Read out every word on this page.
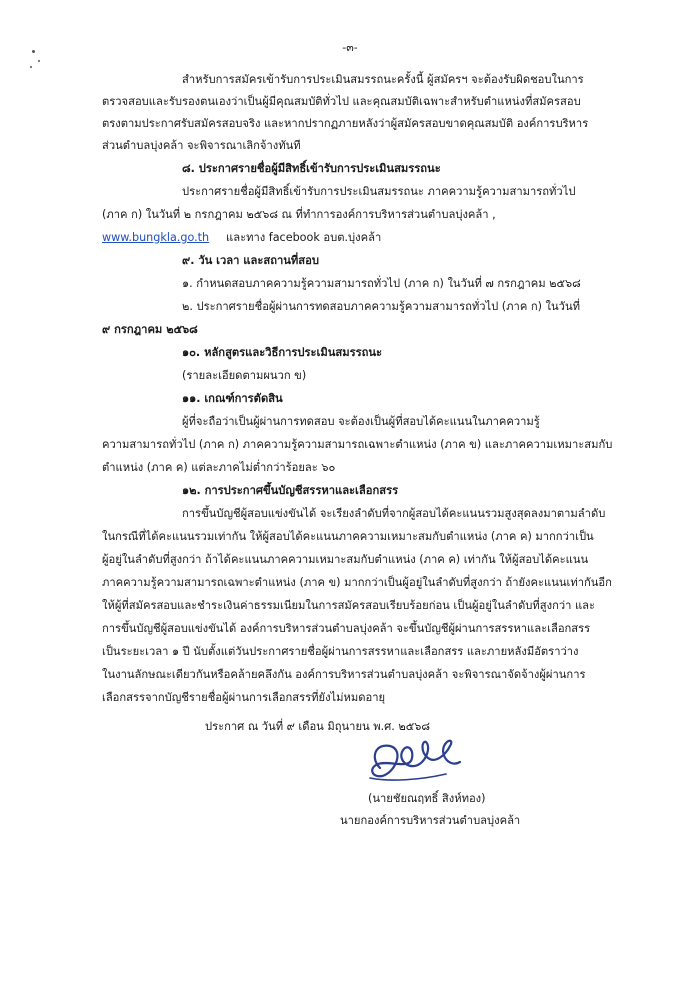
-๓-
สำหรับการสมัครเข้ารับการประเมินสมรรถนะครั้งนี้ ผู้สมัครฯ จะต้องรับผิดชอบในการ
ตรวจสอบและรับรองตนเองว่าเป็นผู้มีคุณสมบัติทั่วไป และคุณสมบัติเฉพาะสำหรับตำแหน่งที่สมัครสอบ
ตรงตามประกาศรับสมัครสอบจริง และหากปรากฏภายหลังว่าผู้สมัครสอบขาดคุณสมบัติ องค์การบริหาร
ส่วนตำบลบุ่งคล้า จะพิจารณาเลิกจ้างทันที
๘. ประกาศรายชื่อผู้มีสิทธิ์เข้ารับการประเมินสมรรถนะ
ประกาศรายชื่อผู้มีสิทธิ์เข้ารับการประเมินสมรรถนะ ภาคความรู้ความสามารถทั่วไป
(ภาค ก) ในวันที่ ๒ กรกฎาคม ๒๕๖๘ ณ ที่ทำการองค์การบริหารส่วนตำบลบุ่งคล้า ,
www.bungkla.go.th และทาง facebook อบต.บุ่งคล้า
๙. วัน เวลา และสถานที่สอบ
๑. กำหนดสอบภาคความรู้ความสามารถทั่วไป (ภาค ก) ในวันที่ ๗ กรกฎาคม ๒๕๖๘
๒. ประกาศรายชื่อผู้ผ่านการทดสอบภาคความรู้ความสามารถทั่วไป (ภาค ก) ในวันที่
๙ กรกฎาคม ๒๕๖๘
๑๐. หลักสูตรและวิธีการประเมินสมรรถนะ
(รายละเอียดตามผนวก ข)
๑๑. เกณฑ์การตัดสิน
ผู้ที่จะถือว่าเป็นผู้ผ่านการทดสอบ จะต้องเป็นผู้ที่สอบได้คะแนนในภาคความรู้
ความสามารถทั่วไป (ภาค ก) ภาคความรู้ความสามารถเฉพาะตำแหน่ง (ภาค ข) และภาคความเหมาะสมกับ
ตำแหน่ง (ภาค ค) แต่ละภาคไม่ต่ำกว่าร้อยละ ๖๐
๑๒. การประกาศขึ้นบัญชีสรรหาและเลือกสรร
การขึ้นบัญชีผู้สอบแข่งขันได้ จะเรียงลำดับที่จากผู้สอบได้คะแนนรวมสูงสุดลงมาตามลำดับ
ในกรณีที่ได้คะแนนรวมเท่ากัน ให้ผู้สอบได้คะแนนภาคความเหมาะสมกับตำแหน่ง (ภาค ค) มากกว่าเป็น
ผู้อยู่ในลำดับที่สูงกว่า ถ้าได้คะแนนภาคความเหมาะสมกับตำแหน่ง (ภาค ค) เท่ากัน ให้ผู้สอบได้คะแนน
ภาคความรู้ความสามารถเฉพาะตำแหน่ง (ภาค ข) มากกว่าเป็นผู้อยู่ในลำดับที่สูงกว่า ถ้ายังคะแนนเท่ากันอีก
ให้ผู้ที่สมัครสอบและชำระเงินค่าธรรมเนียมในการสมัครสอบเรียบร้อยก่อน เป็นผู้อยู่ในลำดับที่สูงกว่า และ
การขึ้นบัญชีผู้สอบแข่งขันได้ องค์การบริหารส่วนตำบลบุ่งคล้า จะขึ้นบัญชีผู้ผ่านการสรรหาและเลือกสรร
เป็นระยะเวลา ๑ ปี นับตั้งแต่วันประกาศรายชื่อผู้ผ่านการสรรหาและเลือกสรร และภายหลังมีอัตราว่าง
ในงานลักษณะเดียวกันหรือคล้ายคลึงกัน องค์การบริหารส่วนตำบลบุ่งคล้า จะพิจารณาจัดจ้างผู้ผ่านการ
เลือกสรรจากบัญชีรายชื่อผู้ผ่านการเลือกสรรที่ยังไม่หมดอายุ
ประกาศ ณ วันที่ ๙ เดือน มิถุนายน พ.ศ. ๒๕๖๘
(นายชัยณฤทธิ์ สิงห์ทอง)
นายกองค์การบริหารส่วนตำบลบุ่งคล้า
